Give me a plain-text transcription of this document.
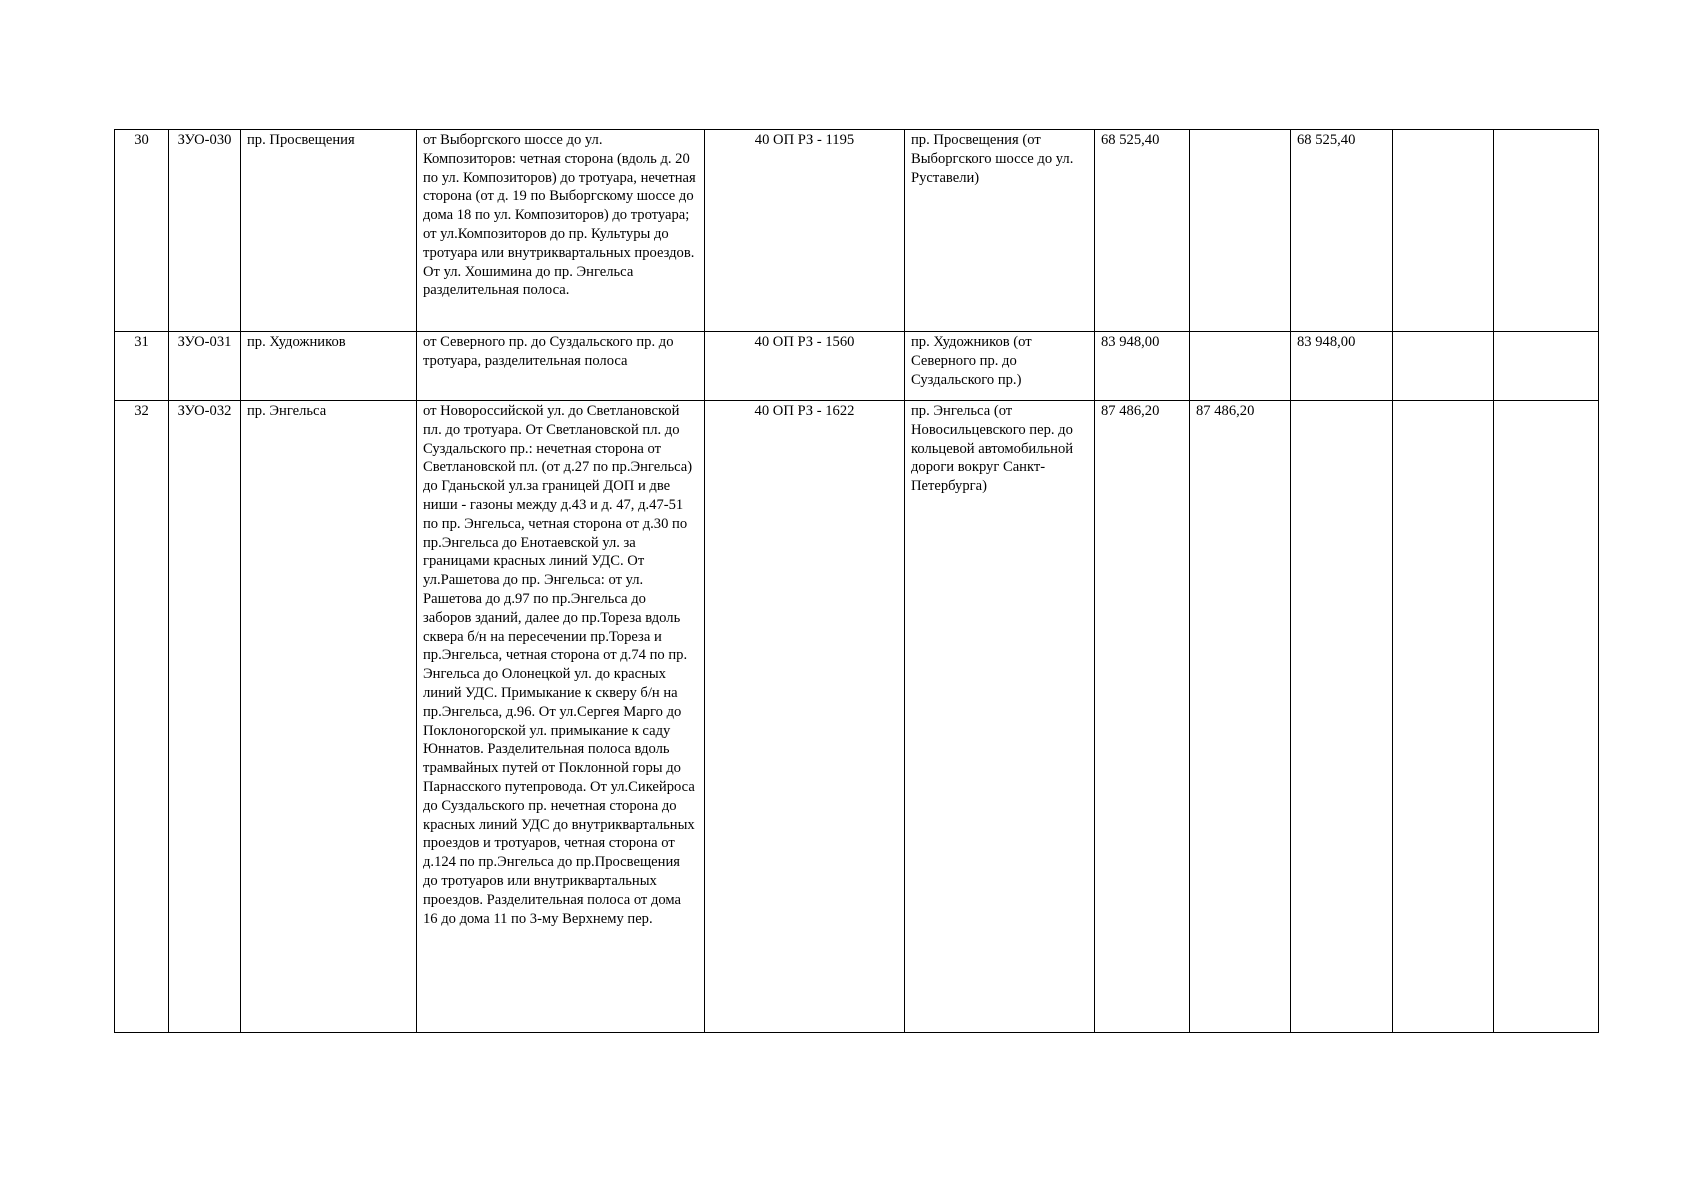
30	ЗУО-030	пр. Просвещения	от Выборгского шоссе до ул. Композиторов: четная сторона (вдоль д. 20 по ул. Композиторов) до тротуара, нечетная сторона (от д. 19 по Выборгскому шоссе до дома 18 по ул. Композиторов) до тротуара; от ул.Композиторов до пр. Культуры до тротуара или внутриквартальных проездов. От ул. Хошимина до пр. Энгельса разделительная полоса.	40 ОП РЗ - 1195	пр. Просвещения (от Выборгского шоссе до ул. Руставели)	68 525,40		68 525,40		
31	ЗУО-031	пр. Художников	от Северного пр. до Суздальского пр. до тротуара, разделительная полоса	40 ОП РЗ - 1560	пр. Художников (от Северного пр. до Суздальского пр.)	83 948,00		83 948,00		
32	ЗУО-032	пр. Энгельса	от Новороссийской ул. до Светлановской пл. до тротуара. От Светлановской пл. до Суздальского пр.: нечетная сторона от Светлановской пл. (от д.27 по пр.Энгельса) до Гданьской ул.за границей ДОП и две ниши - газоны между д.43 и д. 47, д.47-51 по пр. Энгельса, четная сторона от д.30 по пр.Энгельса до Енотаевской ул. за границами красных линий УДС. От ул.Рашетова до пр. Энгельса: от ул. Рашетова до д.97 по пр.Энгельса до заборов зданий, далее до пр.Тореза вдоль сквера б/н на пересечении пр.Тореза и пр.Энгельса, четная сторона от д.74 по пр. Энгельса до Олонецкой ул. до красных линий УДС. Примыкание к скверу б/н на пр.Энгельса, д.96. От ул.Сергея Марго до Поклоногорской ул. примыкание к саду Юннатов. Разделительная полоса вдоль трамвайных путей от Поклонной горы до Парнасского путепровода. От ул.Сикейроса до Суздальского пр. нечетная сторона до красных линий УДС до внутриквартальных проездов и тротуаров, четная сторона от д.124 по пр.Энгельса до пр.Просвещения до тротуаров или внутриквартальных проездов. Разделительная полоса от дома 16 до дома 11 по 3-му Верхнему пер.	40 ОП РЗ - 1622	пр. Энгельса (от Новосильцевского пер. до кольцевой автомобильной дороги вокруг Санкт-Петербурга)	87 486,20	87 486,20			
